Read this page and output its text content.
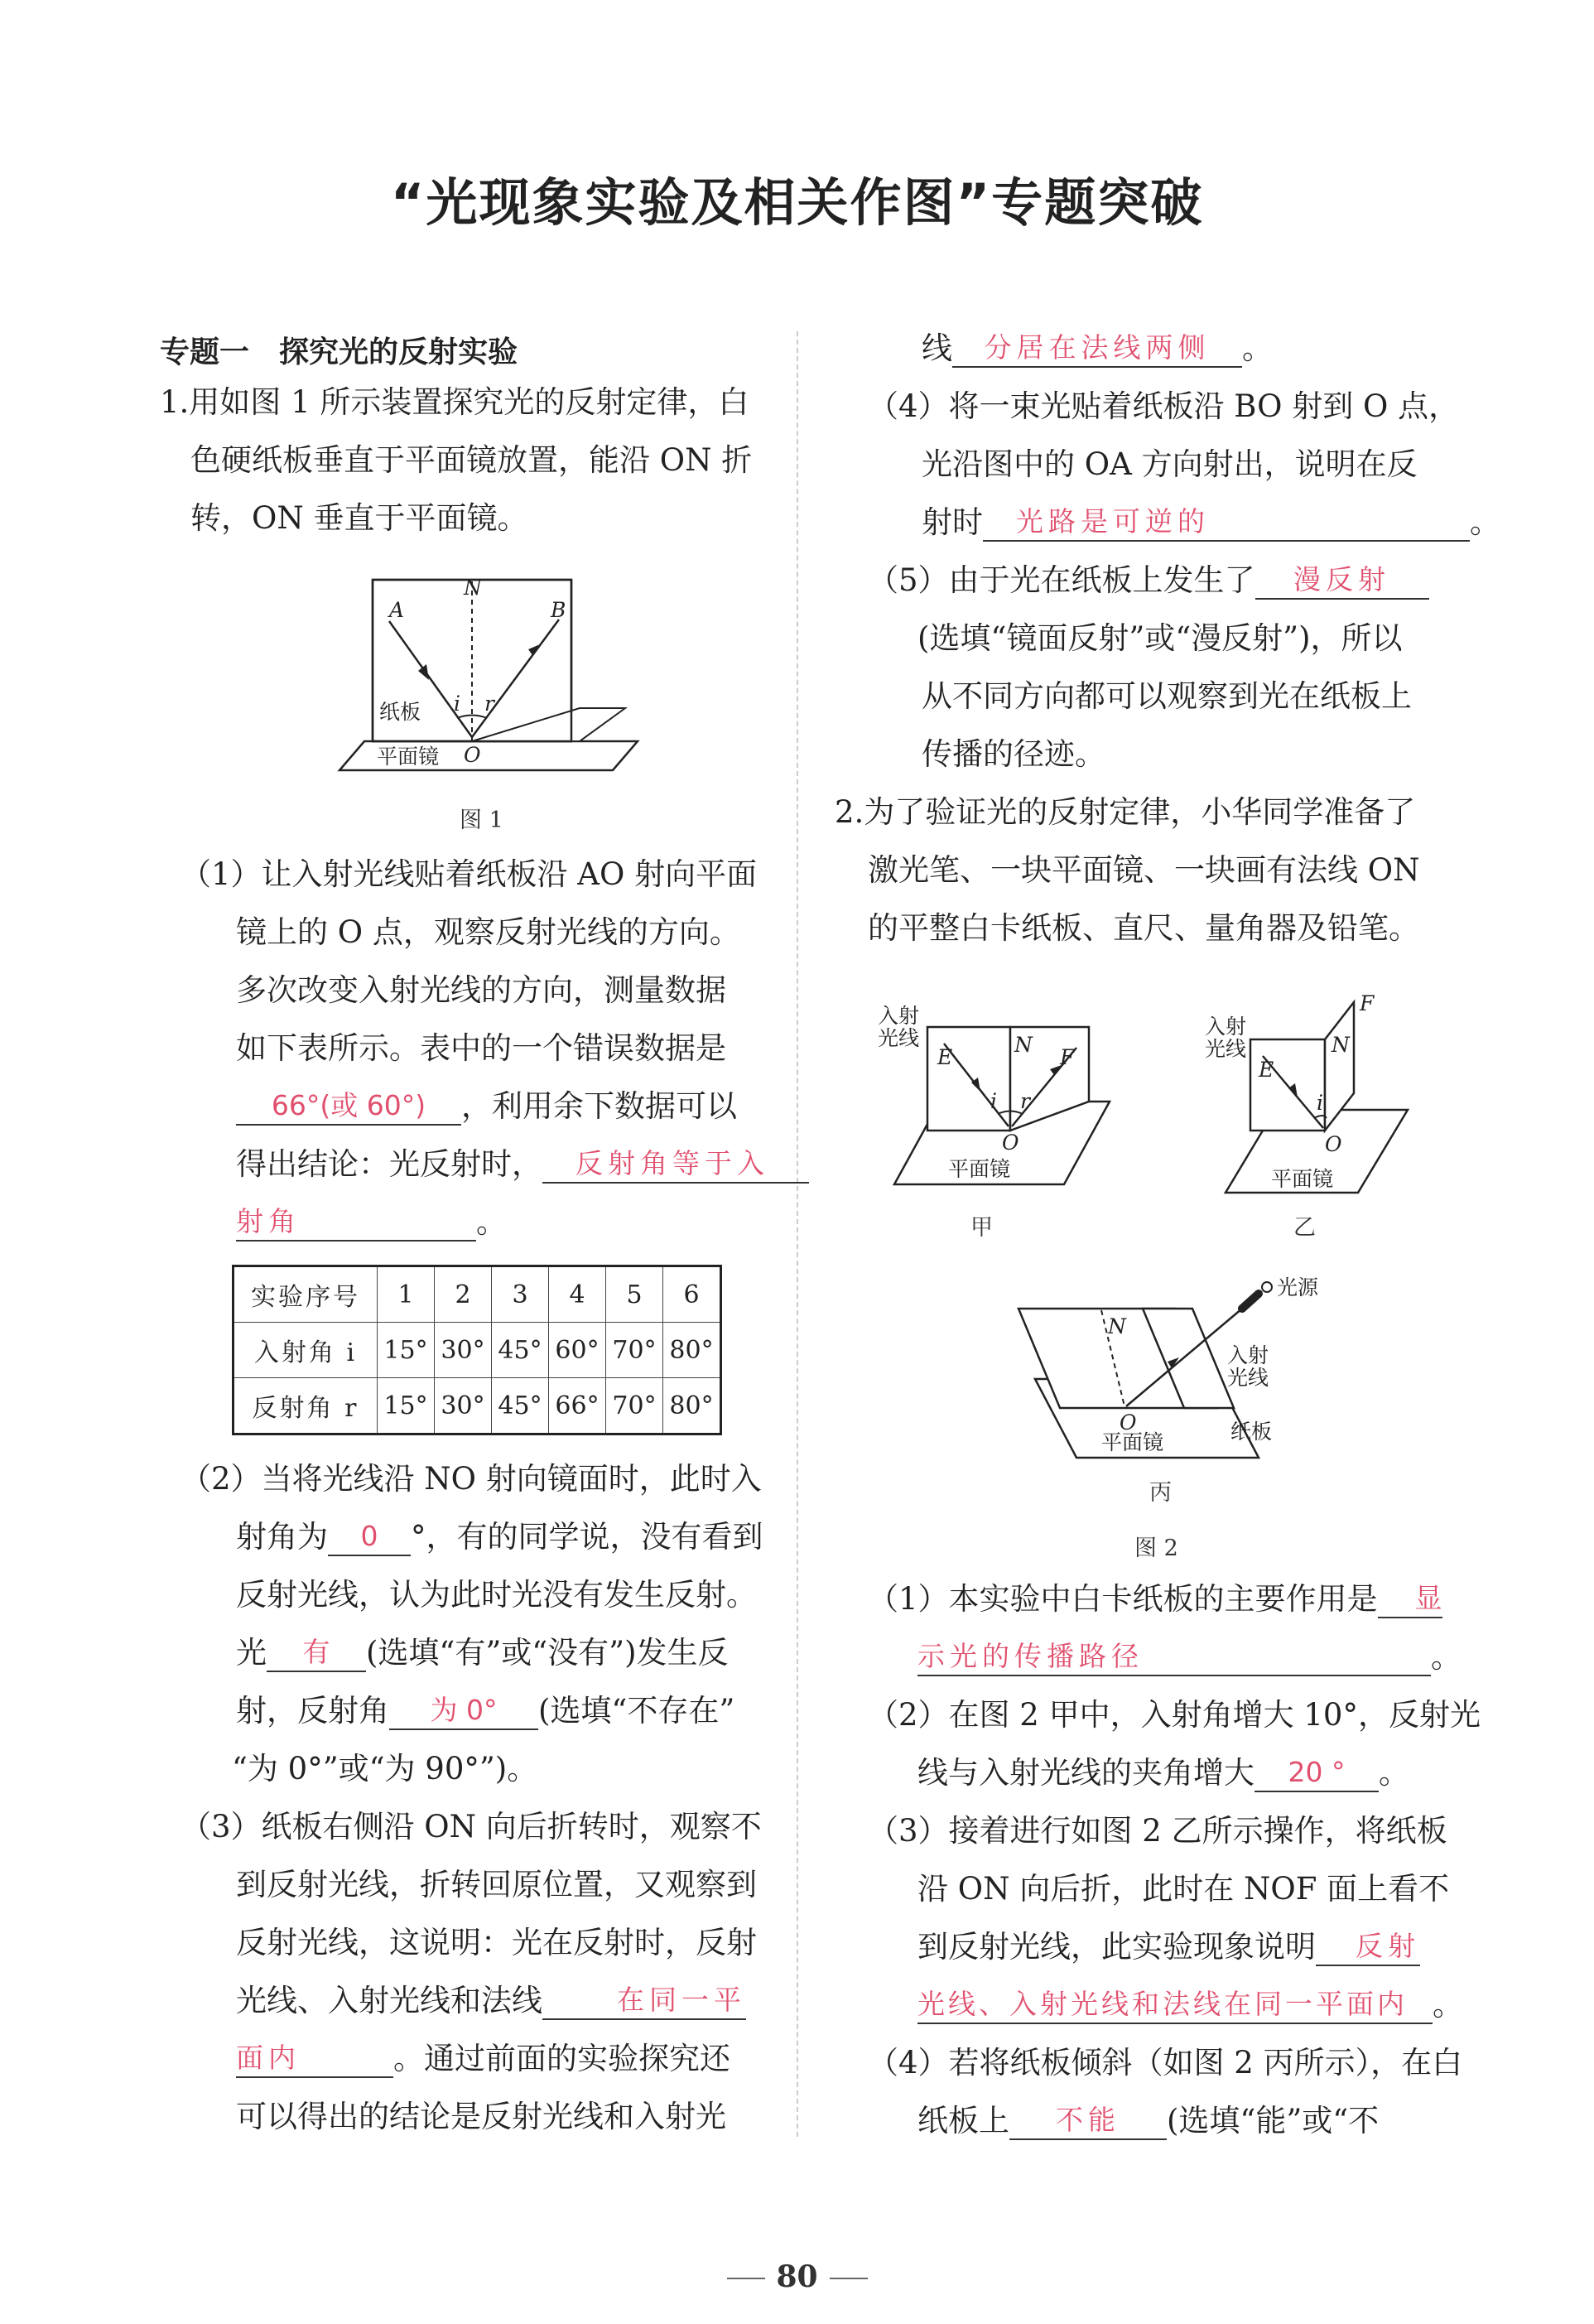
“光现象实验及相关作图”专题突破
专题一　探究光的反射实验
1.用如图 1 所示装置探究光的反射定律，白
色硬纸板垂直于平面镜放置，能沿 ON 折
转，ON 垂直于平面镜。
N
A	B
i r
O
纸板
平面镜
图 1
（1）让入射光线贴着纸板沿 AO 射向平面
镜上的 O 点，观察反射光线的方向。
多次改变入射光线的方向，测量数据
如下表所示。表中的一个错误数据是
66°(或 60°) ，利用余下数据可以
得出结论：光反射时， 反射角等于入
射角	。
实验序号	1	2	3	4	5	6
入射角 i	15°	30°	45°	60°	70°	80°
反射角 r	15°	30°	45°	66°	70°	80°
（2）当将光线沿 NO 射向镜面时，此时入
射角为 0 °，有的同学说，没有看到
反射光线，认为此时光没有发生反射。
光 有 (选填“有”或“没有”)发生反
射，反射角 为 0° (选填“不存在”
“为 0°”或“为 90°”)。
（3）纸板右侧沿 ON 向后折转时，观察不
到反射光线，折转回原位置，又观察到
反射光线，这说明：光在反射时，反射
光线、入射光线和法线	在同一平
面内	。通过前面的实验探究还
可以得出的结论是反射光线和入射光
线 分居在法线两侧 。
（4）将一束光贴着纸板沿 BO 射到 O 点，
光沿图中的 OA 方向射出，说明在反
射时 光路是可逆的	。
（5）由于光在纸板上发生了 漫反射
(选填“镜面反射”或“漫反射”)，所以
从不同方向都可以观察到光在纸板上
传播的径迹。
2.为了验证光的反射定律，小华同学准备了
激光笔、一块平面镜、一块画有法线 ON
的平整白卡纸板、直尺、量角器及铅笔。
入射
光线
E	F
N
i r
O
平面镜
甲
入射
光线
E
N
F
i
O
平面镜
乙
N
O
光源
入射
光线
平面镜	纸板
丙
图 2
（1）本实验中白卡纸板的主要作用是 显
示光的传播路径	。
（2）在图 2 甲中，入射角增大 10°，反射光
线与入射光线的夹角增大 20 ° 。
（3）接着进行如图 2 乙所示操作，将纸板
沿 ON 向后折，此时在 NOF 面上看不
到反射光线，此实验现象说明 反射
光线、入射光线和法线在同一平面内 。
（4）若将纸板倾斜（如图 2 丙所示），在白
纸板上 不能 (选填“能”或“不
80
